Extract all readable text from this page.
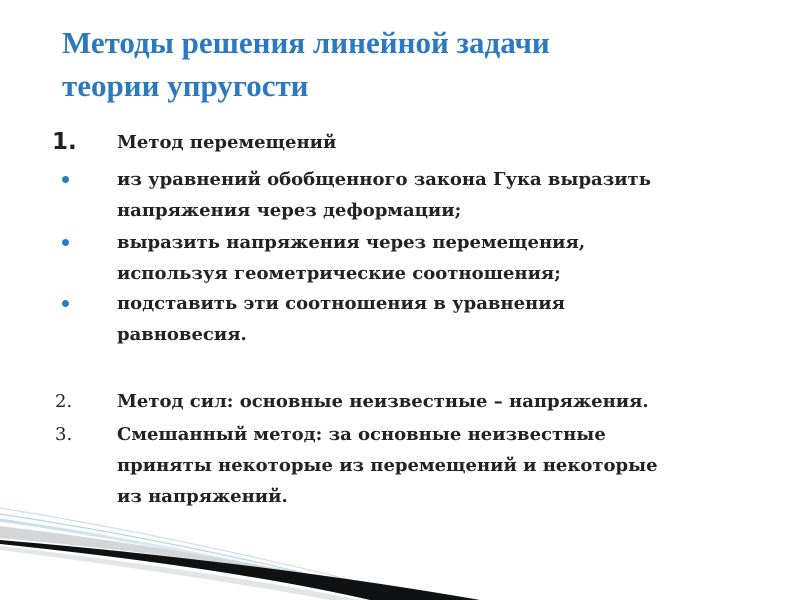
Методы решения линейной задачи
теории упругости
1. Метод перемещений
из уравнений обобщенного закона Гука выразить
напряжения через деформации;
выразить напряжения через перемещения,
используя геометрические соотношения;
подставить эти соотношения в уравнения
равновесия.
2. Метод сил: основные неизвестные – напряжения.
3. Смешанный метод: за основные неизвестные
приняты некоторые из перемещений и некоторые
из напряжений.
